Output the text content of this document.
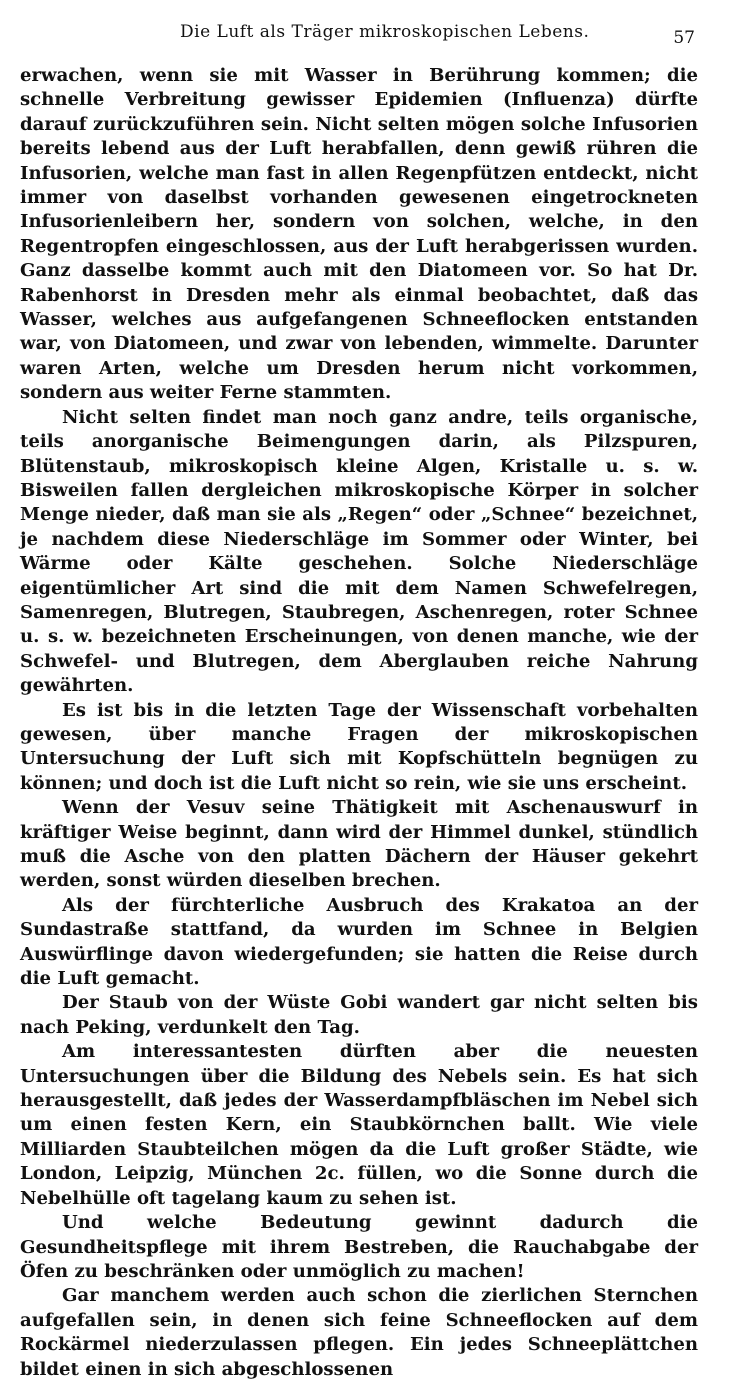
Die Luft als Träger mikroskopischen Lebens.	57

erwachen, wenn sie mit Wasser in Berührung kommen; die schnelle Verbreitung gewisser Epidemien (Influenza) dürfte darauf zurückzuführen sein. Nicht selten mögen solche Infusorien bereits lebend aus der Luft herabfallen, denn gewiß rühren die Infusorien, welche man fast in allen Regenpfützen entdeckt, nicht immer von daselbst vorhanden gewesenen eingetrockneten Infusorienleibern her, sondern von solchen, welche, in den Regentropfen eingeschlossen, aus der Luft herabgerissen wurden. Ganz dasselbe kommt auch mit den Diatomeen vor. So hat Dr. Rabenhorst in Dresden mehr als einmal beobachtet, daß das Wasser, welches aus aufgefangenen Schneeflocken entstanden war, von Diatomeen, und zwar von lebenden, wimmelte. Darunter waren Arten, welche um Dresden herum nicht vorkommen, sondern aus weiter Ferne stammten.

Nicht selten findet man noch ganz andre, teils organische, teils anorganische Beimengungen darin, als Pilzspuren, Blütenstaub, mikroskopisch kleine Algen, Kristalle u. s. w. Bisweilen fallen dergleichen mikroskopische Körper in solcher Menge nieder, daß man sie als „Regen“ oder „Schnee“ bezeichnet, je nachdem diese Niederschläge im Sommer oder Winter, bei Wärme oder Kälte geschehen. Solche Niederschläge eigentümlicher Art sind die mit dem Namen Schwefelregen, Samenregen, Blutregen, Staubregen, Aschenregen, roter Schnee u. s. w. bezeichneten Erscheinungen, von denen manche, wie der Schwefel- und Blutregen, dem Aberglauben reiche Nahrung gewährten.

Es ist bis in die letzten Tage der Wissenschaft vorbehalten gewesen, über manche Fragen der mikroskopischen Untersuchung der Luft sich mit Kopfschütteln begnügen zu können; und doch ist die Luft nicht so rein, wie sie uns erscheint.

Wenn der Vesuv seine Thätigkeit mit Aschenauswurf in kräftiger Weise beginnt, dann wird der Himmel dunkel, stündlich muß die Asche von den platten Dächern der Häuser gekehrt werden, sonst würden dieselben brechen.

Als der fürchterliche Ausbruch des Krakatoa an der Sundastraße stattfand, da wurden im Schnee in Belgien Auswürflinge davon wiedergefunden; sie hatten die Reise durch die Luft gemacht.

Der Staub von der Wüste Gobi wandert gar nicht selten bis nach Peking, verdunkelt den Tag.

Am interessantesten dürften aber die neuesten Untersuchungen über die Bildung des Nebels sein. Es hat sich herausgestellt, daß jedes der Wasserdampfbläschen im Nebel sich um einen festen Kern, ein Staubkörnchen ballt. Wie viele Milliarden Staubteilchen mögen da die Luft großer Städte, wie London, Leipzig, München 2c. füllen, wo die Sonne durch die Nebelhülle oft tagelang kaum zu sehen ist.

Und welche Bedeutung gewinnt dadurch die Gesundheitspflege mit ihrem Bestreben, die Rauchabgabe der Öfen zu beschränken oder unmöglich zu machen!

Gar manchem werden auch schon die zierlichen Sternchen aufgefallen sein, in denen sich feine Schneeflocken auf dem Rockärmel niederzulassen pflegen. Ein jedes Schneeplättchen bildet einen in sich abgeschlossenen
